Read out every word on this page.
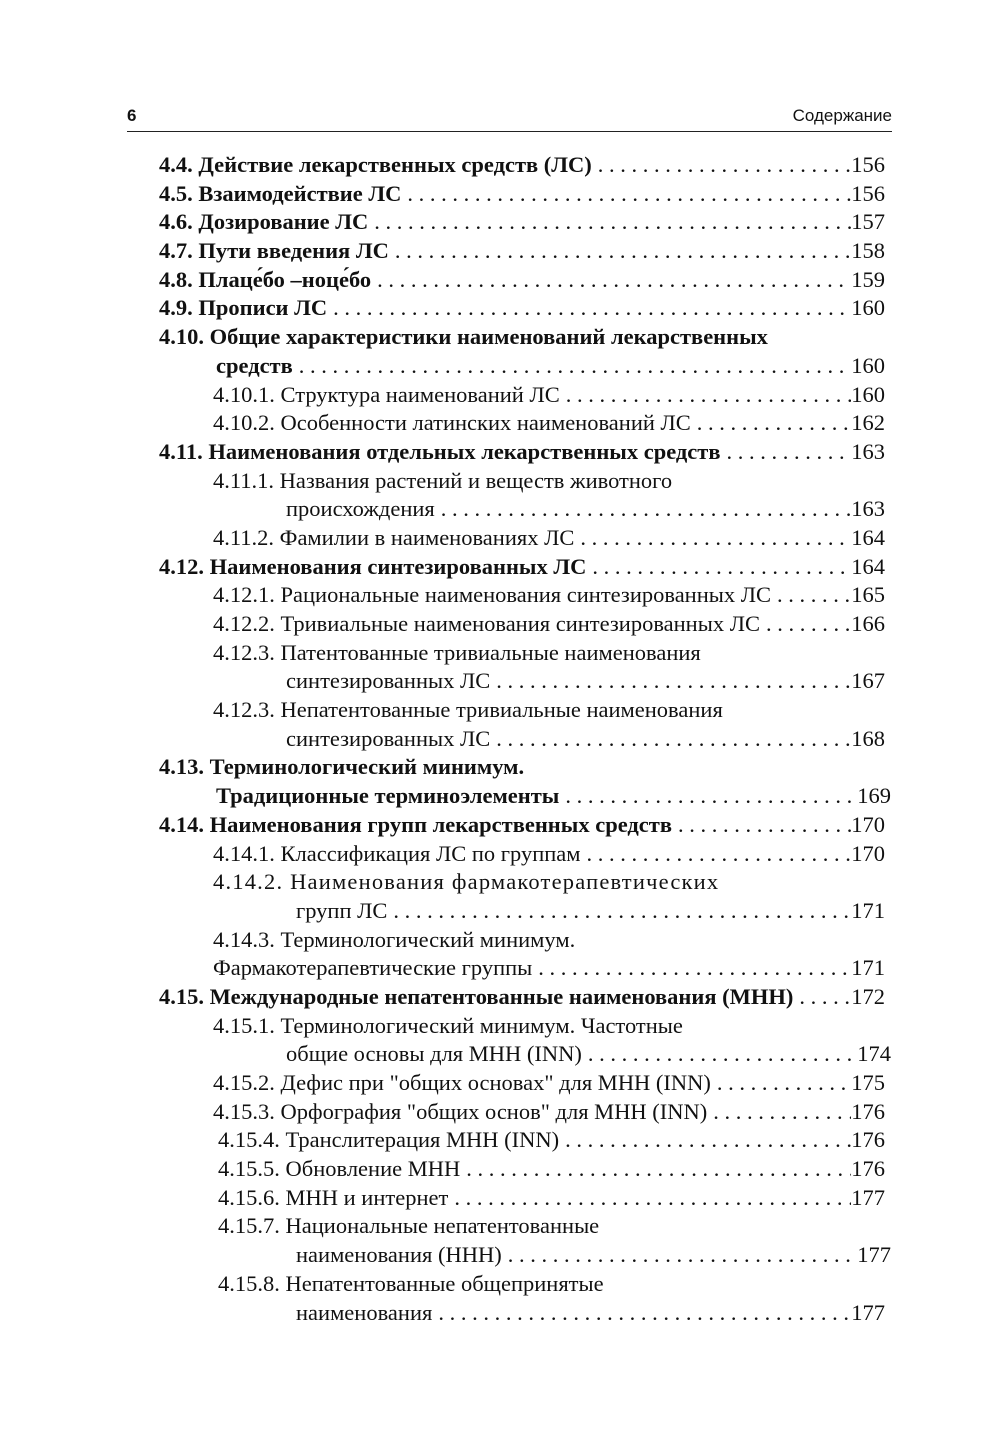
6	Содержание
4.4. Действие лекарственных средств (ЛС) . . .	156
4.5. Взаимодействие ЛС . . .	156
4.6. Дозирование ЛС . . .	157
4.7. Пути введения ЛС . . .	158
4.8. Плаце́бо –ноце́бо . . .	159
4.9. Прописи ЛС . . .	160
4.10. Общие характеристики наименований лекарственных
средств . . .	160
4.10.1. Структура наименований ЛС . . .	160
4.10.2. Особенности латинских наименований ЛС . . .	162
4.11. Наименования отдельных лекарственных средств . . .	163
4.11.1. Названия растений и веществ животного
происхождения . . .	163
4.11.2. Фамилии в наименованиях ЛС . . .	164
4.12. Наименования синтезированных ЛС . . .	164
4.12.1. Рациональные наименования синтезированных ЛС . . .	165
4.12.2. Тривиальные наименования синтезированных ЛС . . .	166
4.12.3. Патентованные тривиальные наименования
синтезированных ЛС . . .	167
4.12.3. Непатентованные тривиальные наименования
синтезированных ЛС . . .	168
4.13. Терминологический минимум.
Традиционные терминоэлементы . . .	169
4.14. Наименования групп лекарственных средств . . .	170
4.14.1. Классификация ЛС по группам . . .	170
4.14.2. Наименования фармакотерапевтических
групп ЛС . . .	171
4.14.3. Терминологический минимум.
Фармакотерапевтические группы . . .	171
4.15. Международные непатентованные наименования (МНН) . . .	172
4.15.1. Терминологический минимум. Частотные
общие основы для МНН (INN) . . .	174
4.15.2. Дефис при "общих основах" для МНН (INN) . . .	175
4.15.3. Орфография "общих основ" для МНН (INN) . . .	176
4.15.4. Транслитерация МНН (INN) . . .	176
4.15.5. Обновление МНН . . .	176
4.15.6. МНН и интернет . . .	177
4.15.7. Национальные непатентованные
наименования (ННН) . . .	177
4.15.8. Непатентованные общепринятые
наименования . . .	177
